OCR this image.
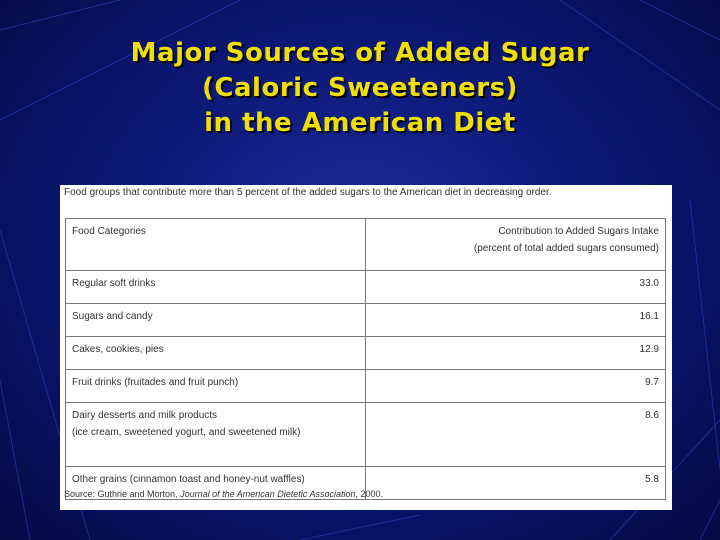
Major Sources of Added Sugar
(Caloric Sweeteners)
in the American Diet
Food groups that contribute more than 5 percent of the added sugars to the American diet in decreasing order.
Food Categories	Contribution to Added Sugars Intake
(percent of total added sugars consumed)

Regular soft drinks	33.0
Sugars and candy	16.1
Cakes, cookies, pies	12.9
Fruit drinks (fruitades and fruit punch)	9.7

Dairy desserts and milk products
(ice cream, sweetened yogurt, and sweetened milk)	8.6
Other grains (cinnamon toast and honey-nut waffles)	5.8
Source: Guthrie and Morton, Journal of the American Dietetic Association, 2000.
